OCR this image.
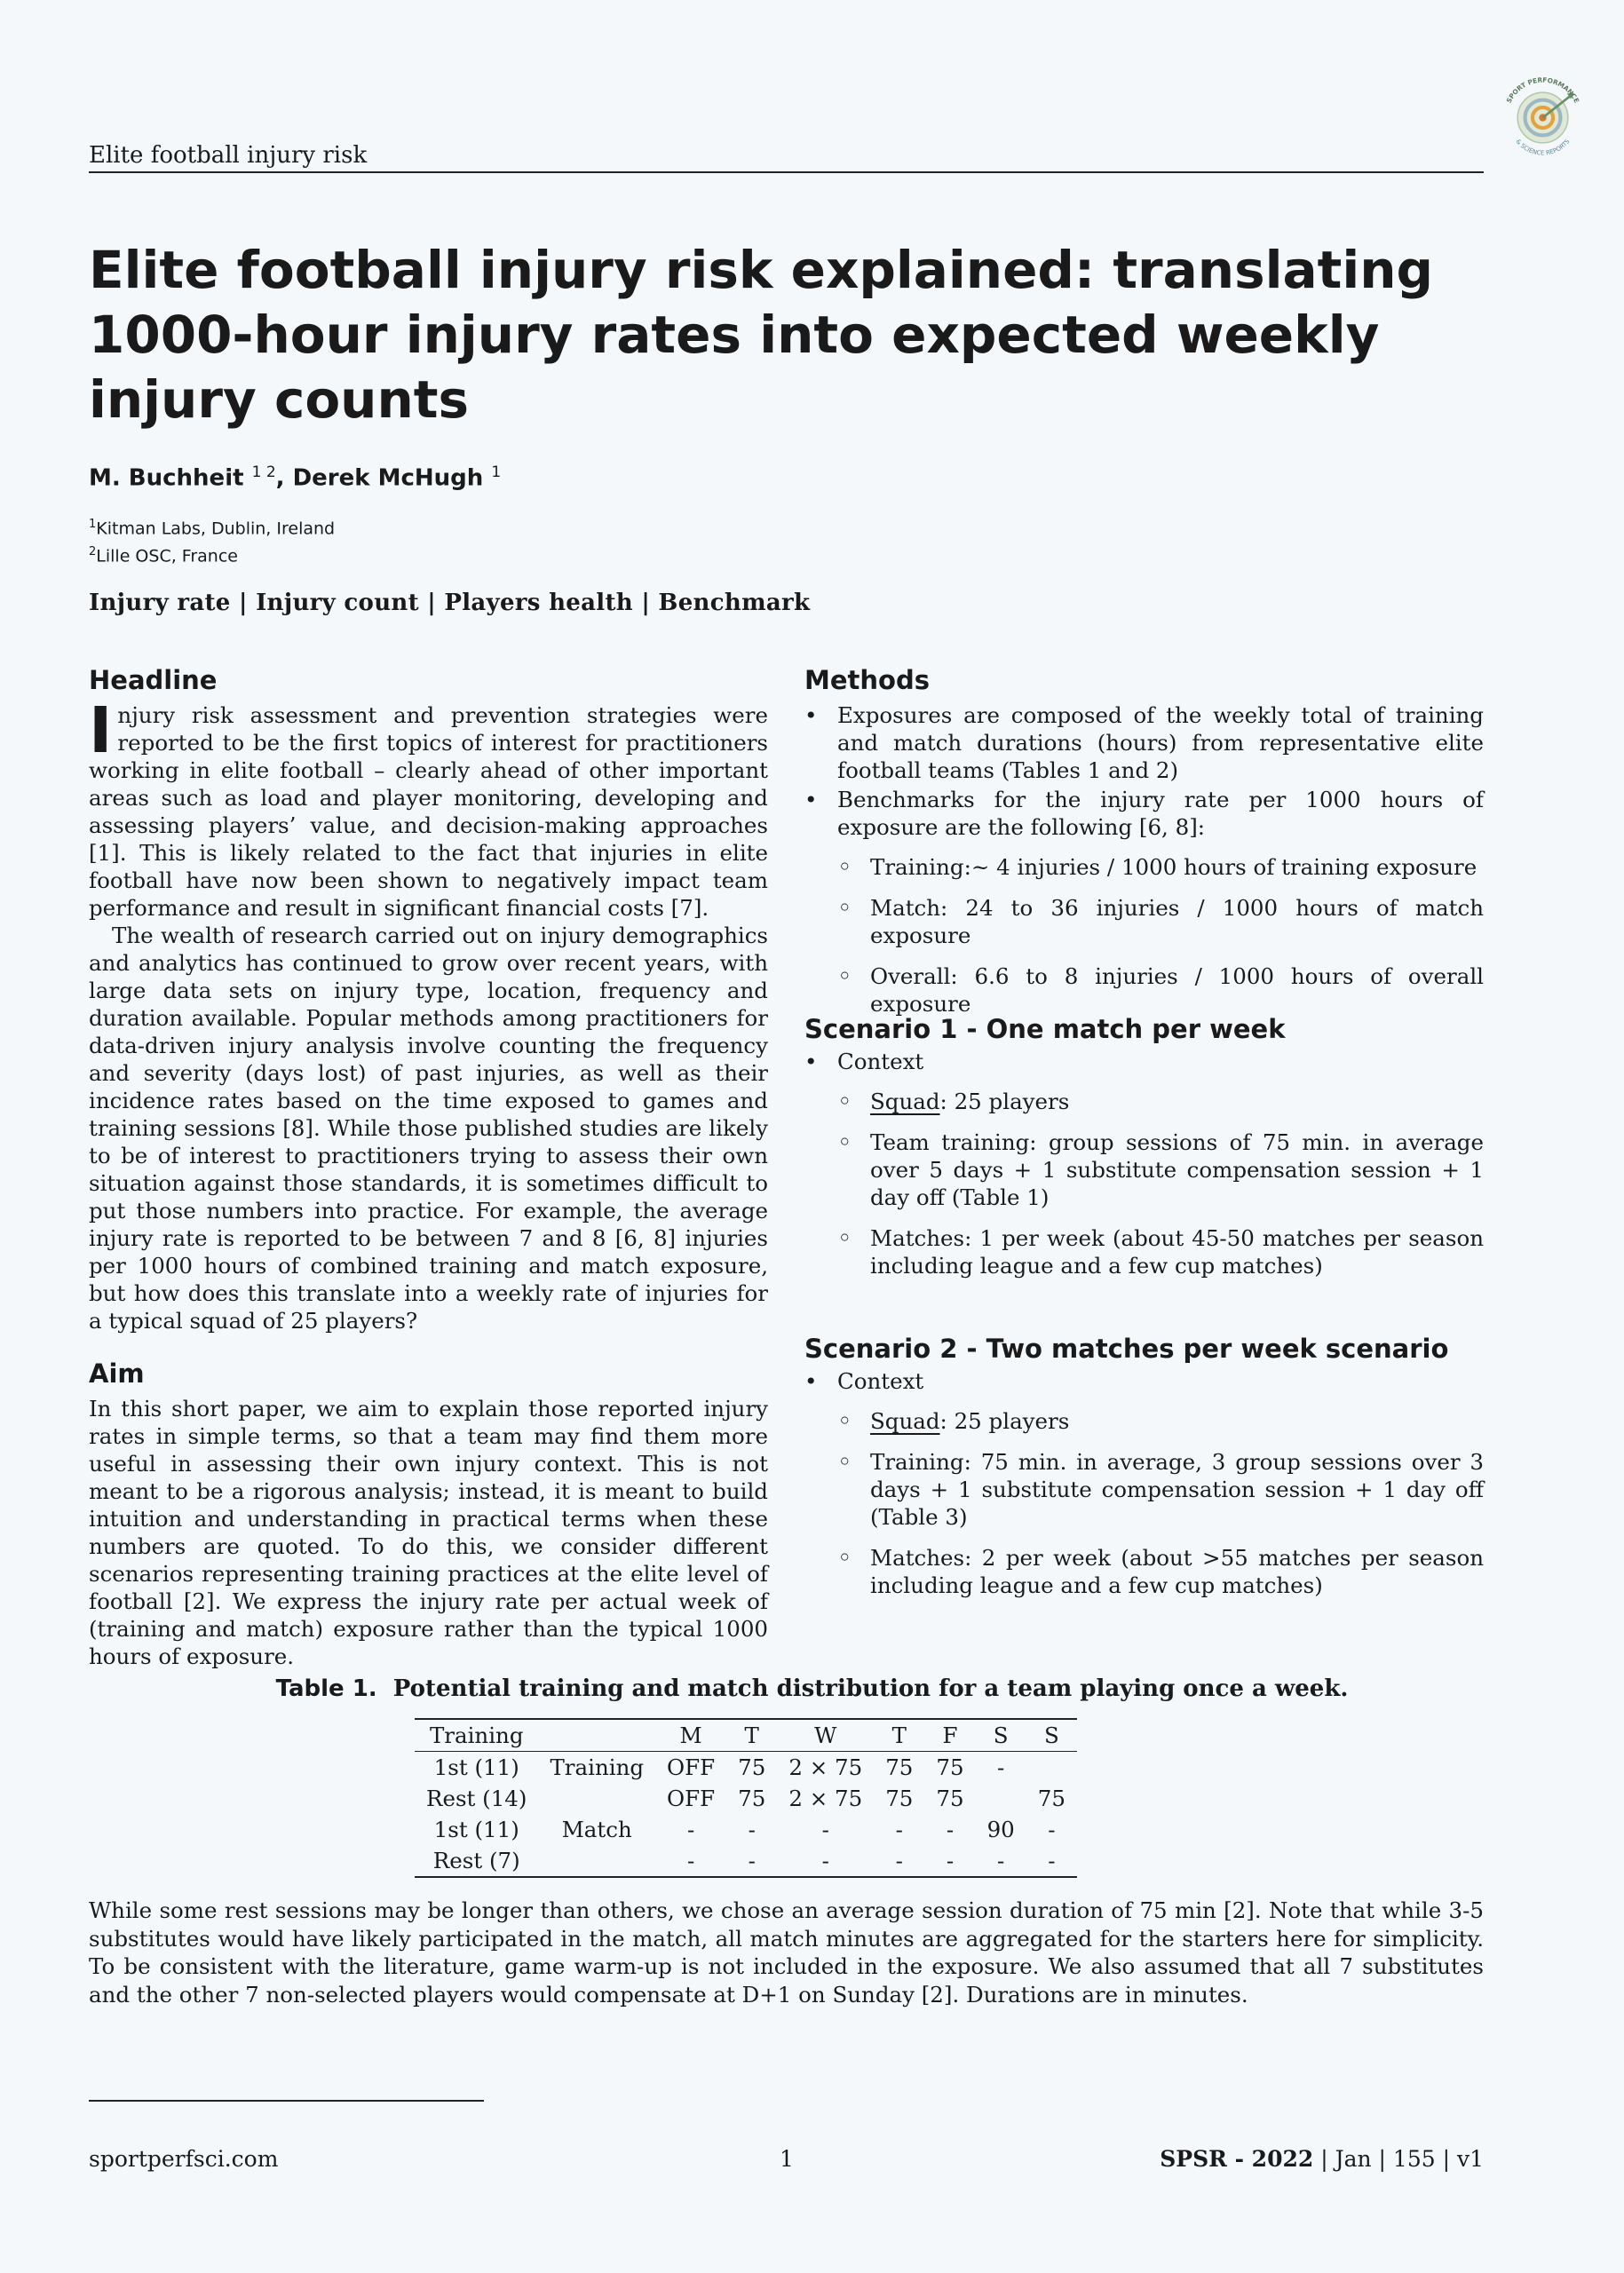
Elite football injury risk
SPORT PERFORMANCE
& SCIENCE REPORTS
Elite football injury risk explained: translating 1000-hour injury rates into expected weekly injury counts
M. Buchheit $^{1 2}$, Derek McHugh $^1$
$^1$Kitman Labs, Dublin, Ireland
$^2$Lille OSC, France
Injury rate | Injury count | Players health | Benchmark
Headline

Injury risk assessment and prevention strategies were reported to be the first topics of interest for practitioners working in elite football – clearly ahead of other important areas such as load and player monitoring, developing and assessing players’ value, and decision-making approaches [1]. This is likely related to the fact that injuries in elite football have now been shown to negatively impact team performance and result in significant financial costs [7].

The wealth of research carried out on injury demographics and analytics has continued to grow over recent years, with large data sets on injury type, location, frequency and duration available. Popular methods among practitioners for data-driven injury analysis involve counting the frequency and severity (days lost) of past injuries, as well as their incidence rates based on the time exposed to games and training sessions [8]. While those published studies are likely to be of interest to practitioners trying to assess their own situation against those standards, it is sometimes difficult to put those numbers into practice. For example, the average injury rate is reported to be between 7 and 8 [6, 8] injuries per 1000 hours of combined training and match exposure, but how does this translate into a weekly rate of injuries for a typical squad of 25 players?

Aim

In this short paper, we aim to explain those reported injury rates in simple terms, so that a team may find them more useful in assessing their own injury context. This is not meant to be a rigorous analysis; instead, it is meant to build intuition and understanding in practical terms when these numbers are quoted. To do this, we consider different scenarios representing training practices at the elite level of football [2]. We express the injury rate per actual week of (training and match) exposure rather than the typical 1000 hours of exposure.

Methods
• Exposures are composed of the weekly total of training and match durations (hours) from representative elite football teams (Tables 1 and 2)
• Benchmarks for the injury rate per 1000 hours of exposure are the following [6, 8]:
◦ Training:~ 4 injuries / 1000 hours of training exposure
◦ Match: 24 to 36 injuries / 1000 hours of match exposure
◦ Overall: 6.6 to 8 injuries / 1000 hours of overall exposure
Scenario 1 - One match per week
• Context
◦ Squad: 25 players
◦ Team training: group sessions of 75 min. in average over 5 days + 1 substitute compensation session + 1 day off (Table 1)
◦ Matches: 1 per week (about 45-50 matches per season including league and a few cup matches)
Scenario 2 - Two matches per week scenario
• Context
◦ Squad: 25 players
◦ Training: 75 min. in average, 3 group sessions over 3 days + 1 substitute compensation session + 1 day off (Table 3)
◦ Matches: 2 per week (about >55 matches per season including league and a few cup matches)
Table 1. Potential training and match distribution for a team playing once a week.
Training		M	T	W	T	F	S	S
1st (11)	Training	OFF	75	2 × 75	75	75	-	
Rest (14)		OFF	75	2 × 75	75	75		75
1st (11)	Match	-	-	-	-	-	90	-
Rest (7)		-	-	-	-	-	-	-
While some rest sessions may be longer than others, we chose an average session duration of 75 min [2]. Note that while 3-5 substitutes would have likely participated in the match, all match minutes are aggregated for the starters here for simplicity. To be consistent with the literature, game warm-up is not included in the exposure. We also assumed that all 7 substitutes and the other 7 non-selected players would compensate at D+1 on Sunday [2]. Durations are in minutes.
sportperfsci.com	1	SPSR - 2022 | Jan | 155 | v1
